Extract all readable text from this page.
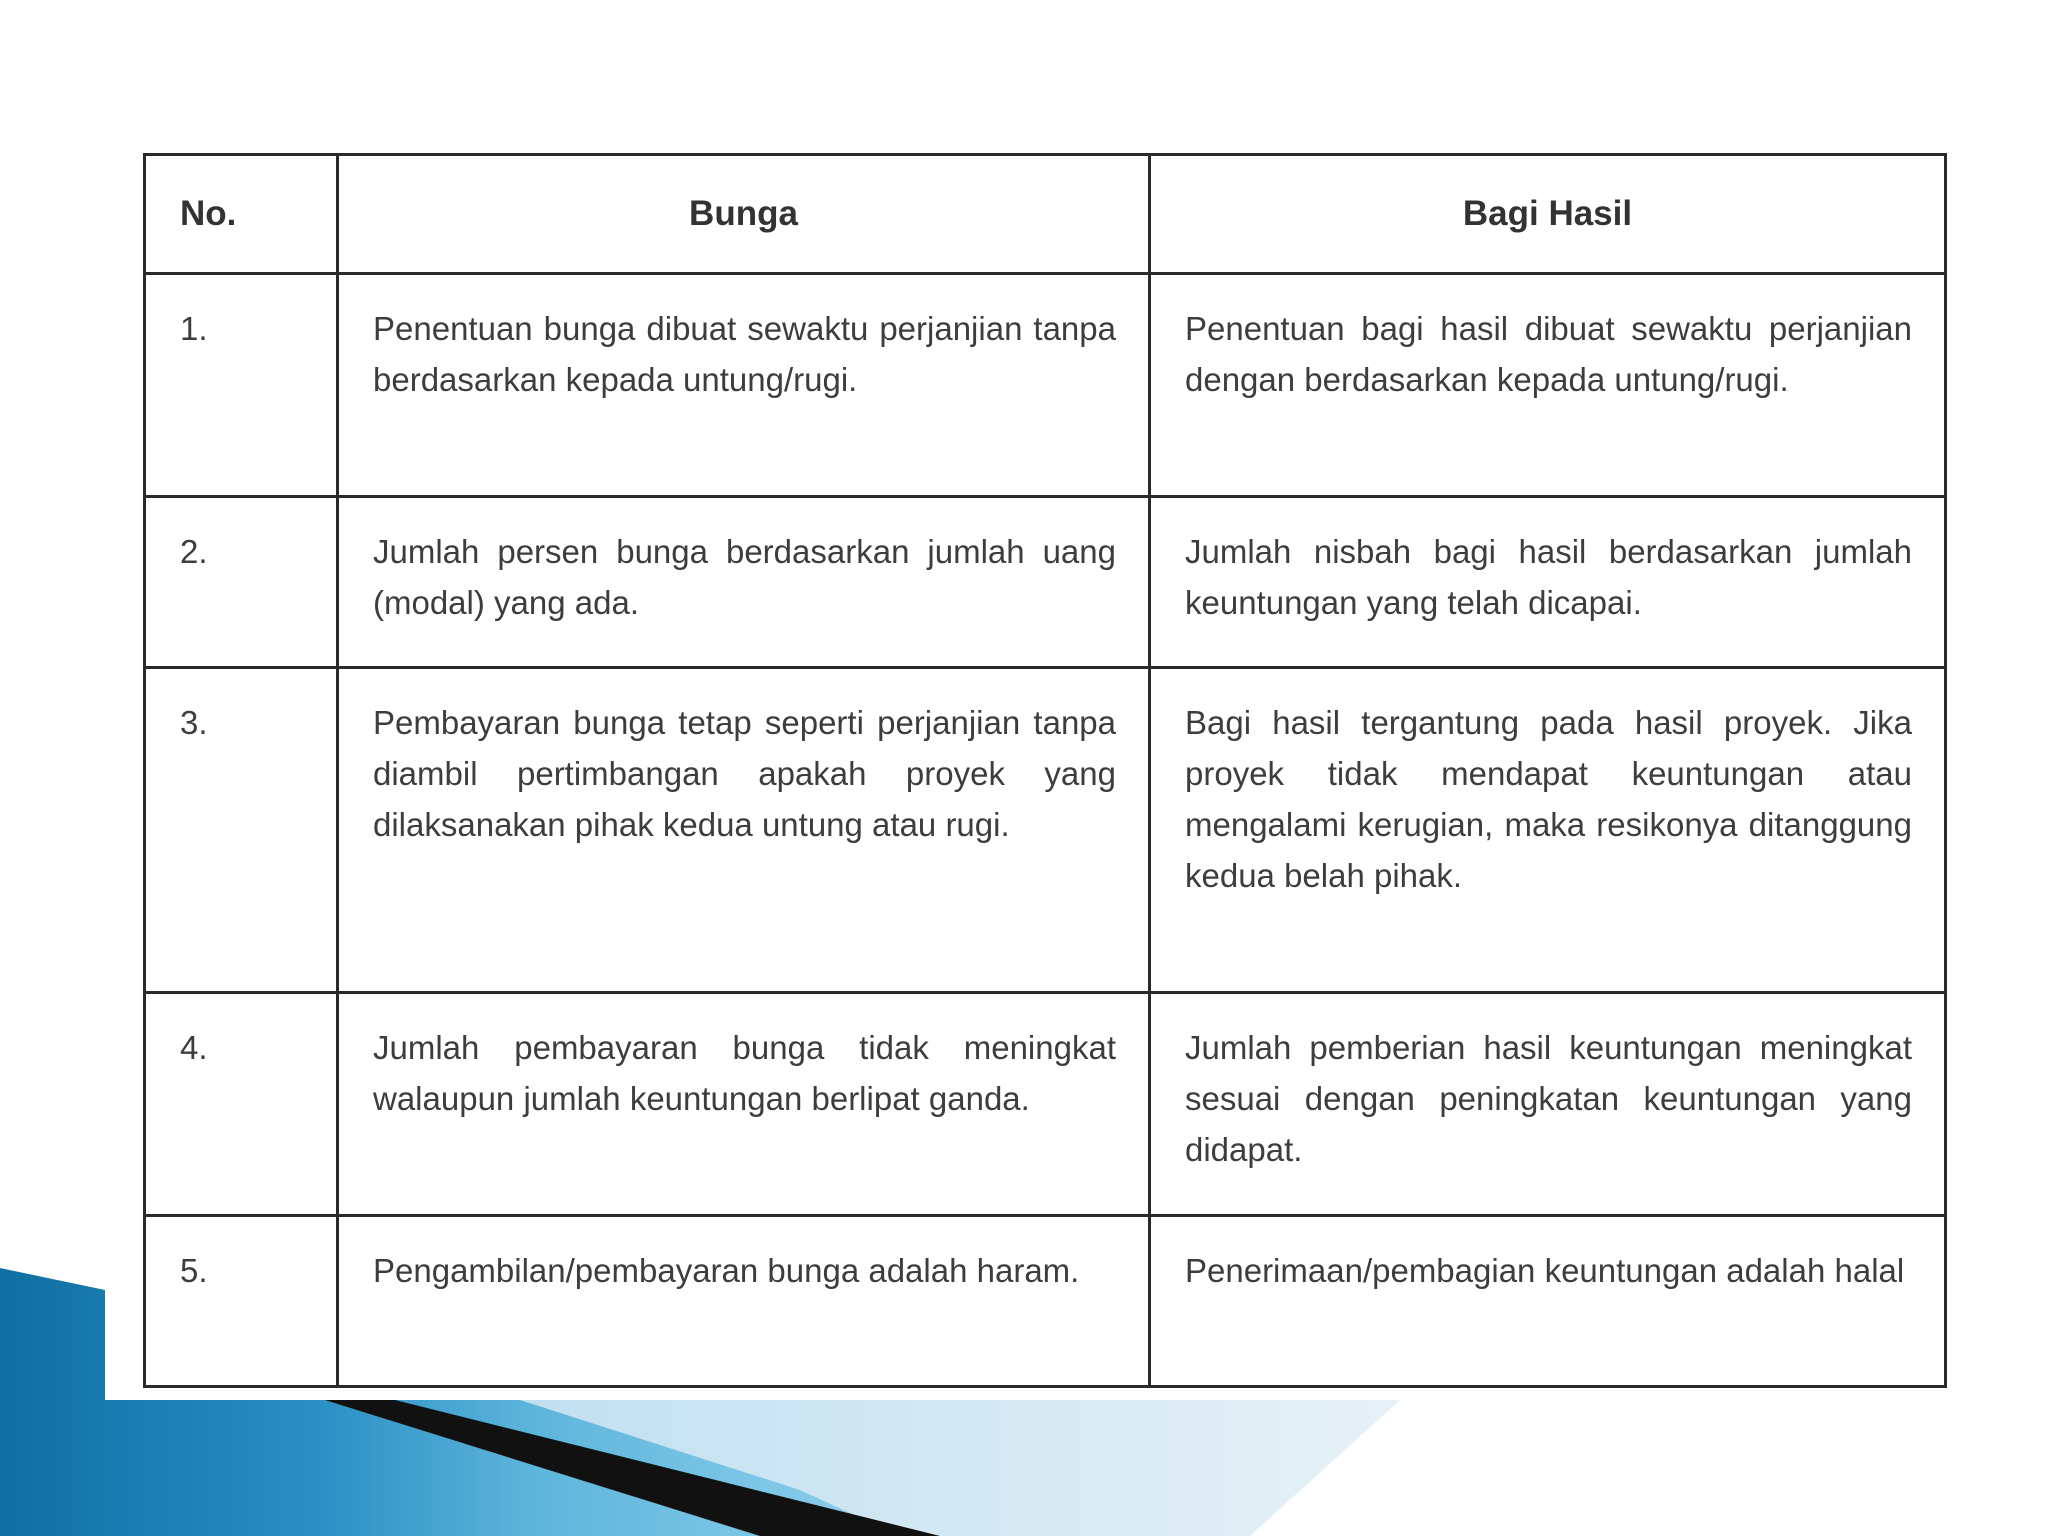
No.	Bunga	Bagi Hasil
1.	Penentuan bunga dibuat sewaktu perjanjian tanpa berdasarkan kepada untung/rugi.	Penentuan bagi hasil dibuat sewaktu perjanjian dengan berdasarkan kepada untung/rugi.
2.	Jumlah persen bunga berdasarkan jumlah uang (modal) yang ada.	Jumlah nisbah bagi hasil berdasarkan jumlah keuntungan yang telah dicapai.
3.	Pembayaran bunga tetap seperti perjanjian tanpa diambil pertimbangan apakah proyek yang dilaksanakan pihak kedua untung atau rugi.	Bagi hasil tergantung pada hasil proyek. Jika proyek tidak mendapat keuntungan atau mengalami kerugian, maka resikonya ditanggung kedua belah pihak.
4.	Jumlah pembayaran bunga tidak meningkat walaupun jumlah keuntungan berlipat ganda.	Jumlah pemberian hasil keuntungan meningkat sesuai dengan peningkatan keuntungan yang didapat.
5.	Pengambilan/pembayaran bunga adalah haram.	Penerimaan/pembagian keuntungan adalah halal
